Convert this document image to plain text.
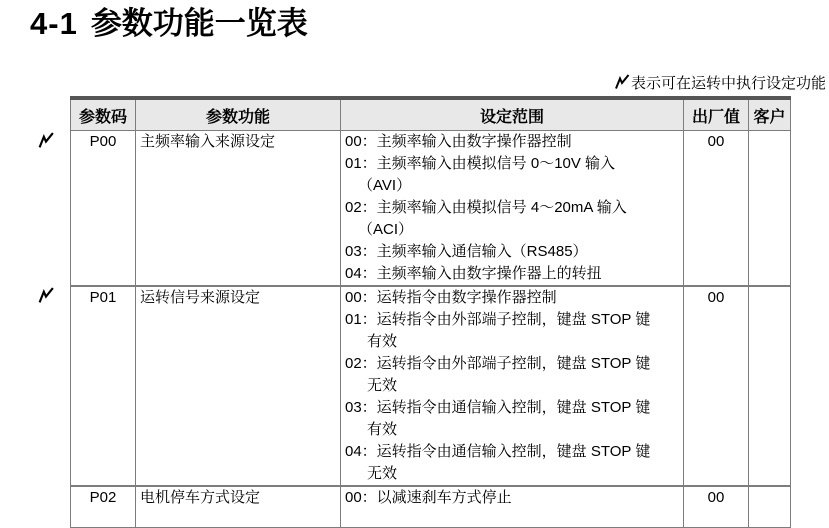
4-1 参数功能一览表
表示可在运转中执行设定功能
参数码	参数功能	设定范围	出厂值	客户
P00	主频率输入来源设定	00：主频率输入由数字操作器控制
01：主频率输入由模拟信号 0～10V 输入
（AVI）
02：主频率输入由模拟信号 4～20mA 输入
（ACI）
03：主频率输入通信输入（RS485）
04：主频率输入由数字操作器上的转扭
	00	
P01	运转信号来源设定	00：运转指令由数字操作器控制
01：运转指令由外部端子控制，键盘 STOP 键
有效
02：运转指令由外部端子控制，键盘 STOP 键
无效
03：运转指令由通信输入控制，键盘 STOP 键
有效
04：运转指令由通信输入控制，键盘 STOP 键
无效
	00	
P02	电机停车方式设定	00：以减速刹车方式停止	00	
